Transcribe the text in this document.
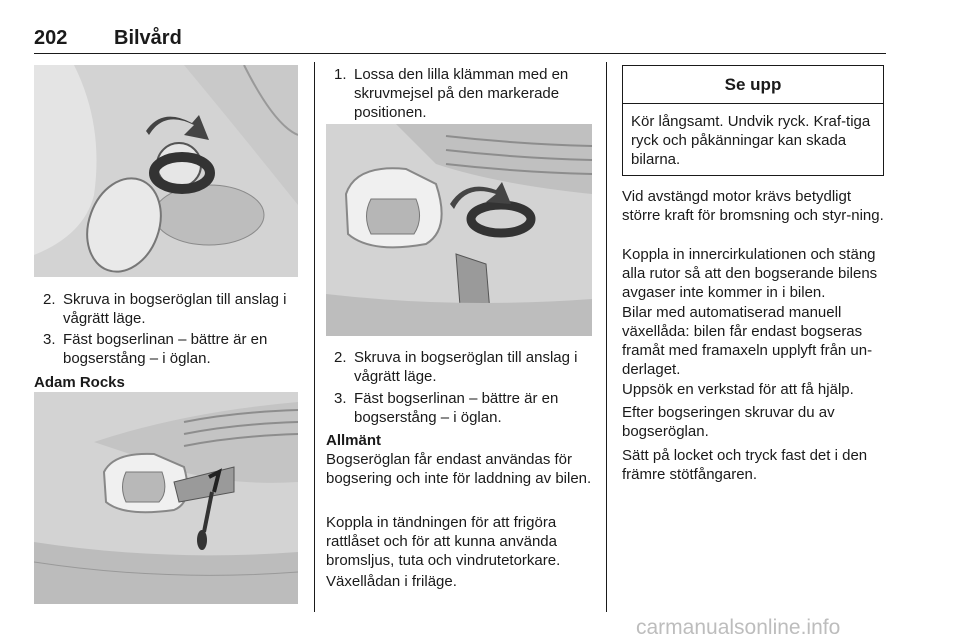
202 Bilvård
2. Skruva in bogseröglan till anslag i vågrätt läge.
3. Fäst bogserlinan – bättre är en bogserstång – i öglan.
Adam Rocks
1. Lossa den lilla klämman med en skruvmejsel på den markerade positionen.
2. Skruva in bogseröglan till anslag i vågrätt läge.
3. Fäst bogserlinan – bättre är en bogserstång – i öglan.
Allmänt
Bogseröglan får endast användas för bogsering och inte för laddning av bilen.
Koppla in tändningen för att frigöra rattlåset och för att kunna använda bromsljus, tuta och vindrutetorkare.
Växellådan i friläge.
Se upp
Kör långsamt. Undvik ryck. Kraf-tiga ryck och påkänningar kan skada bilarna.
Vid avstängd motor krävs betydligt större kraft för bromsning och styr-ning.
Koppla in innercirkulationen och stäng alla rutor så att den bogserande bilens avgaser inte kommer in i bilen.
Bilar med automatiserad manuell växellåda: bilen får endast bogseras framåt med framaxeln upplyft från un-derlaget.
Uppsök en verkstad för att få hjälp.
Efter bogseringen skruvar du av bogseröglan.
Sätt på locket och tryck fast det i den främre stötfångaren.
carmanualsonline.info
